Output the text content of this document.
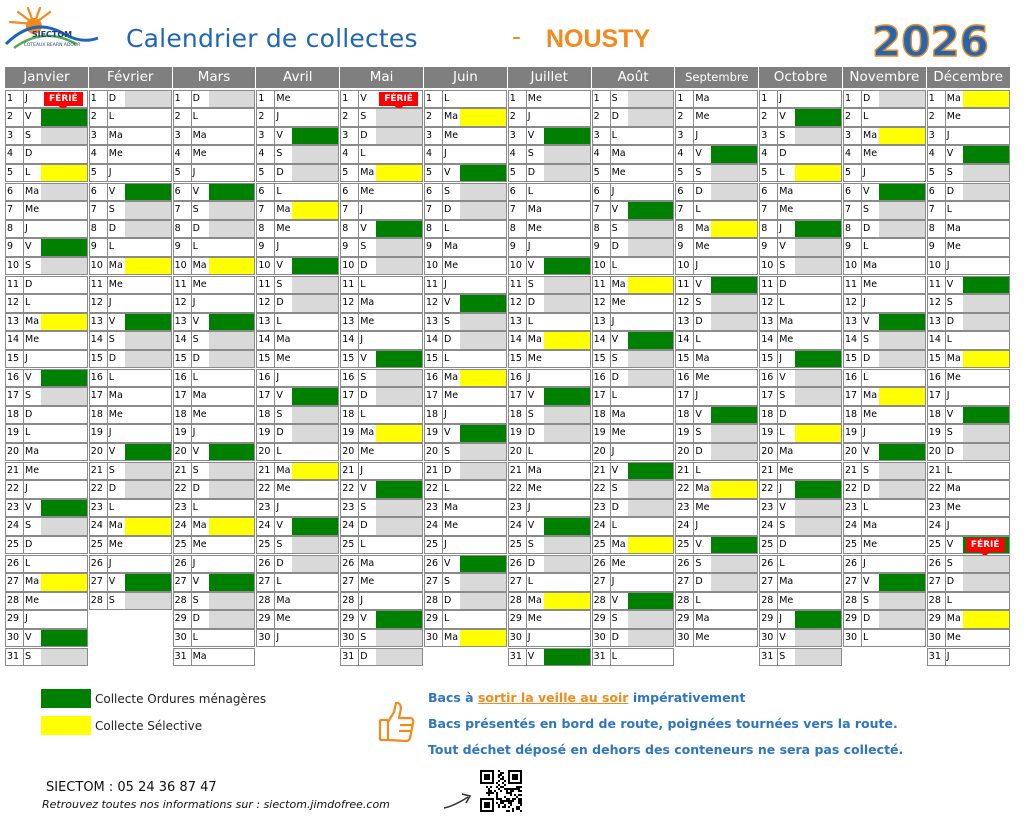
SIECTOM
COTEAUX BEARN ADOUR Calendrier de collectes	- NOUSTY	2026
Janvier
1	J	FÉRIÉ
2	V
3	S
4	D
5	L
6	Ma
7	Me
8	J
9	V
10 S
11 D
12 L
13 Ma
14 Me
15 J
16 V
17 S
18 D
19 L
20 Ma
21 Me
22 J
23 V
24 S
25 D
26 L
27 Ma
28 Me
29 J
30 V
31 S
Février
1	D
2	L
3	Ma
4	Me
5	J
6	V
7	S
8	D
9	L
10 Ma
11 Me
12 J
13 V
14 S
15 D
16 L
17 Ma
18 Me
19 J
20 V
21 S
22 D
23 L
24 Ma
25 Me
26 J
27 V
28 S
Mars
1	D
2	L
3	Ma
4	Me
5	J
6	V
7	S
8	D
9	L
10 Ma
11 Me
12 J
13 V
14 S
15 D
16 L
17 Ma
18 Me
19 J
20 V
21 S
22 D
23 L
24 Ma
25 Me
26 J
27 V
28 S
29 D
30 L
31 Ma
Avril
1	Me
2	J
3	V
4	S
5	D
6	L
7	Ma
8	Me
9	J
10 V
11 S
12 D
13 L
14 Ma
15 Me
16 J
17 V
18 S
19 D
20 L
21 Ma
22 Me
23 J
24 V
25 S
26 D
27 L
28 Ma
29 Me
30 J
Mai
1	V	FÉRIÉ
2	S
3	D
4	L
5	Ma
6	Me
7	J
8	V
9	S
10 D
11 L
12 Ma
13 Me
14 J
15 V
16 S
17 D
18 L
19 Ma
20 Me
21 J
22 V
23 S
24 D
25 L
26 Ma
27 Me
28 J
29 V
30 S
31 D
Juin
1	L
2	Ma
3	Me
4	J
5	V
6	S
7	D
8	L
9	Ma
10 Me
11 J
12 V
13 S
14 D
15 L
16 Ma
17 Me
18 J
19 V
20 S
21 D
22 L
23 Ma
24 Me
25 J
26 V
27 S
28 D
29 L
30 Ma
Juillet
1	Me
2	J
3	V
4	S
5	D
6	L
7	Ma
8	Me
9	J
10 V
11 S
12 D
13 L
14 Ma
15 Me
16 J
17 V
18 S
19 D
20 L
21 Ma
22 Me
23 J
24 V
25 S
26 D
27 L
28 Ma
29 Me
30 J
31 V
Août
1	S
2	D
3	L
4	Ma
5	Me
6	J
7	V
8	S
9	D
10 L
11 Ma
12 Me
13 J
14 V
15 S
16 D
17 L
18 Ma
19 Me
20 J
21 V
22 S
23 D
24 L
25 Ma
26 Me
27 J
28 V
29 S
30 D
31 L
Septembre
1	Ma
2	Me
3	J
4	V
5	S
6	D
7	L
8	Ma
9	Me
10 J
11 V
12 S
13 D
14 L
15 Ma
16 Me
17 J
18 V
19 S
20 D
21 L
22 Ma
23 Me
24 J
25 V
26 S
27 D
28 L
29 Ma
30 Me
Octobre
1	J
2	V
3	S
4	D
5	L
6	Ma
7	Me
8	J
9	V
10 S
11 D
12 L
13 Ma
14 Me
15 J
16 V
17 S
18 D
19 L
20 Ma
21 Me
22 J
23 V
24 S
25 D
26 L
27 Ma
28 Me
29 J
30 V
31 S
Novembre
1	D
2	L
3	Ma
4	Me
5	J
6	V
7	S
8	D
9	L
10 Ma
11 Me
12 J
13 V
14 S
15 D
16 L
17 Ma
18 Me
19 J
20 V
21 S
22 D
23 L
24 Ma
25 Me
26 J
27 V
28 S
29 D
30 L
Décembre
1	Ma
2	Me
3	J
4	V
5	S
6	D
7	L
8	Ma
9	Me
10 J
11 V
12 S
13 D
14 L
15 Ma
16 Me
17 J
18 V
19 S
20 D
21 L
22 Ma
23 Me
24 J
25 V	FÉRIÉ
26 S
27 D
28 L
29 Ma
30 Me
31 J
Collecte Ordures ménagères
Collecte Sélective
Bacs à sortir la veille au soir impérativement
Bacs présentés en bord de route, poignées tournées vers la route.
Tout déchet déposé en dehors des conteneurs ne sera pas collecté.
SIECTOM : 05 24 36 87 47
Retrouvez toutes nos informations sur : siectom.jimdofree.com
